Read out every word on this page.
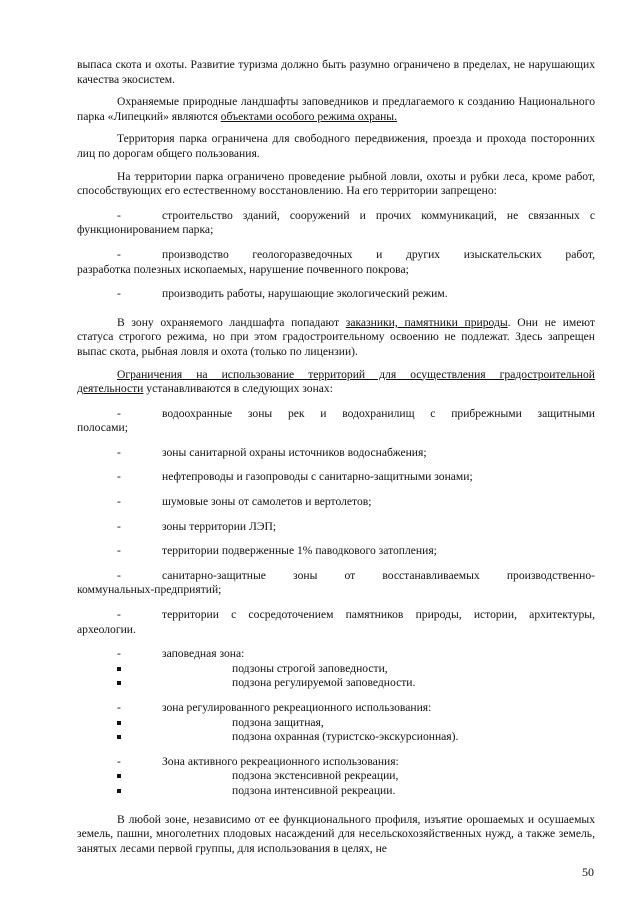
выпаса скота и охоты. Развитие туризма должно быть разумно ограничено в пределах, не нарушающих качества экосистем.

Охраняемые природные ландшафты заповедников и предлагаемого к созданию Национального парка «Липецкий» являются объектами особого режима охраны.

Территория парка ограничена для свободного передвижения, проезда и прохода посторонних лиц по дорогам общего пользования.

На территории парка ограничено проведение рыбной ловли, охоты и рубки леса, кроме работ, способствующих его естественному восстановлению. На его территории запрещено:

-	строительство зданий, сооружений и прочих коммуникаций, не связанных с
функционированием парка;
-	производство геологоразведочных и других изыскательских работ,
разработка полезных ископаемых, нарушение почвенного покрова;
-	производить работы, нарушающие экологический режим.

В зону охраняемого ландшафта попадают заказники, памятники природы. Они не имеют статуса строгого режима, но при этом градостроительному освоению не подлежат. Здесь запрещен выпас скота, рыбная ловля и охота (только по лицензии).

Ограничения на использование территорий для осуществления градостроительной деятельности устанавливаются в следующих зонах:

-	водоохранные зоны рек и водохранилищ с прибрежными защитными
полосами;
-	зоны санитарной охраны источников водоснабжения;
-	нефтепроводы и газопроводы с санитарно-защитными зонами;
-	шумовые зоны от самолетов и вертолетов;
-	зоны территории ЛЭП;
-	территории подверженные 1% паводкового затопления;
-	санитарно-защитные зоны от восстанавливаемых производственно-
коммунальных-предприятий;
-	территории с сосредоточением памятников природы, истории, архитектуры,
археологии.
-	заповедная зона:
подзоны строгой заповедности,
подзона регулируемой заповедности.
-	зона регулированного рекреационного использования:
подзона защитная,
подзона охранная (туристско-экскурсионная).
-	Зона активного рекреационного использования:
подзона экстенсивной рекреации,
подзона интенсивной рекреации.

В любой зоне, независимо от ее функционального профиля, изъятие орошаемых и осушаемых земель, пашни, многолетних плодовых насаждений для несельскохозяйственных нужд, а также земель, занятых лесами первой группы, для использования в целях, не

50
